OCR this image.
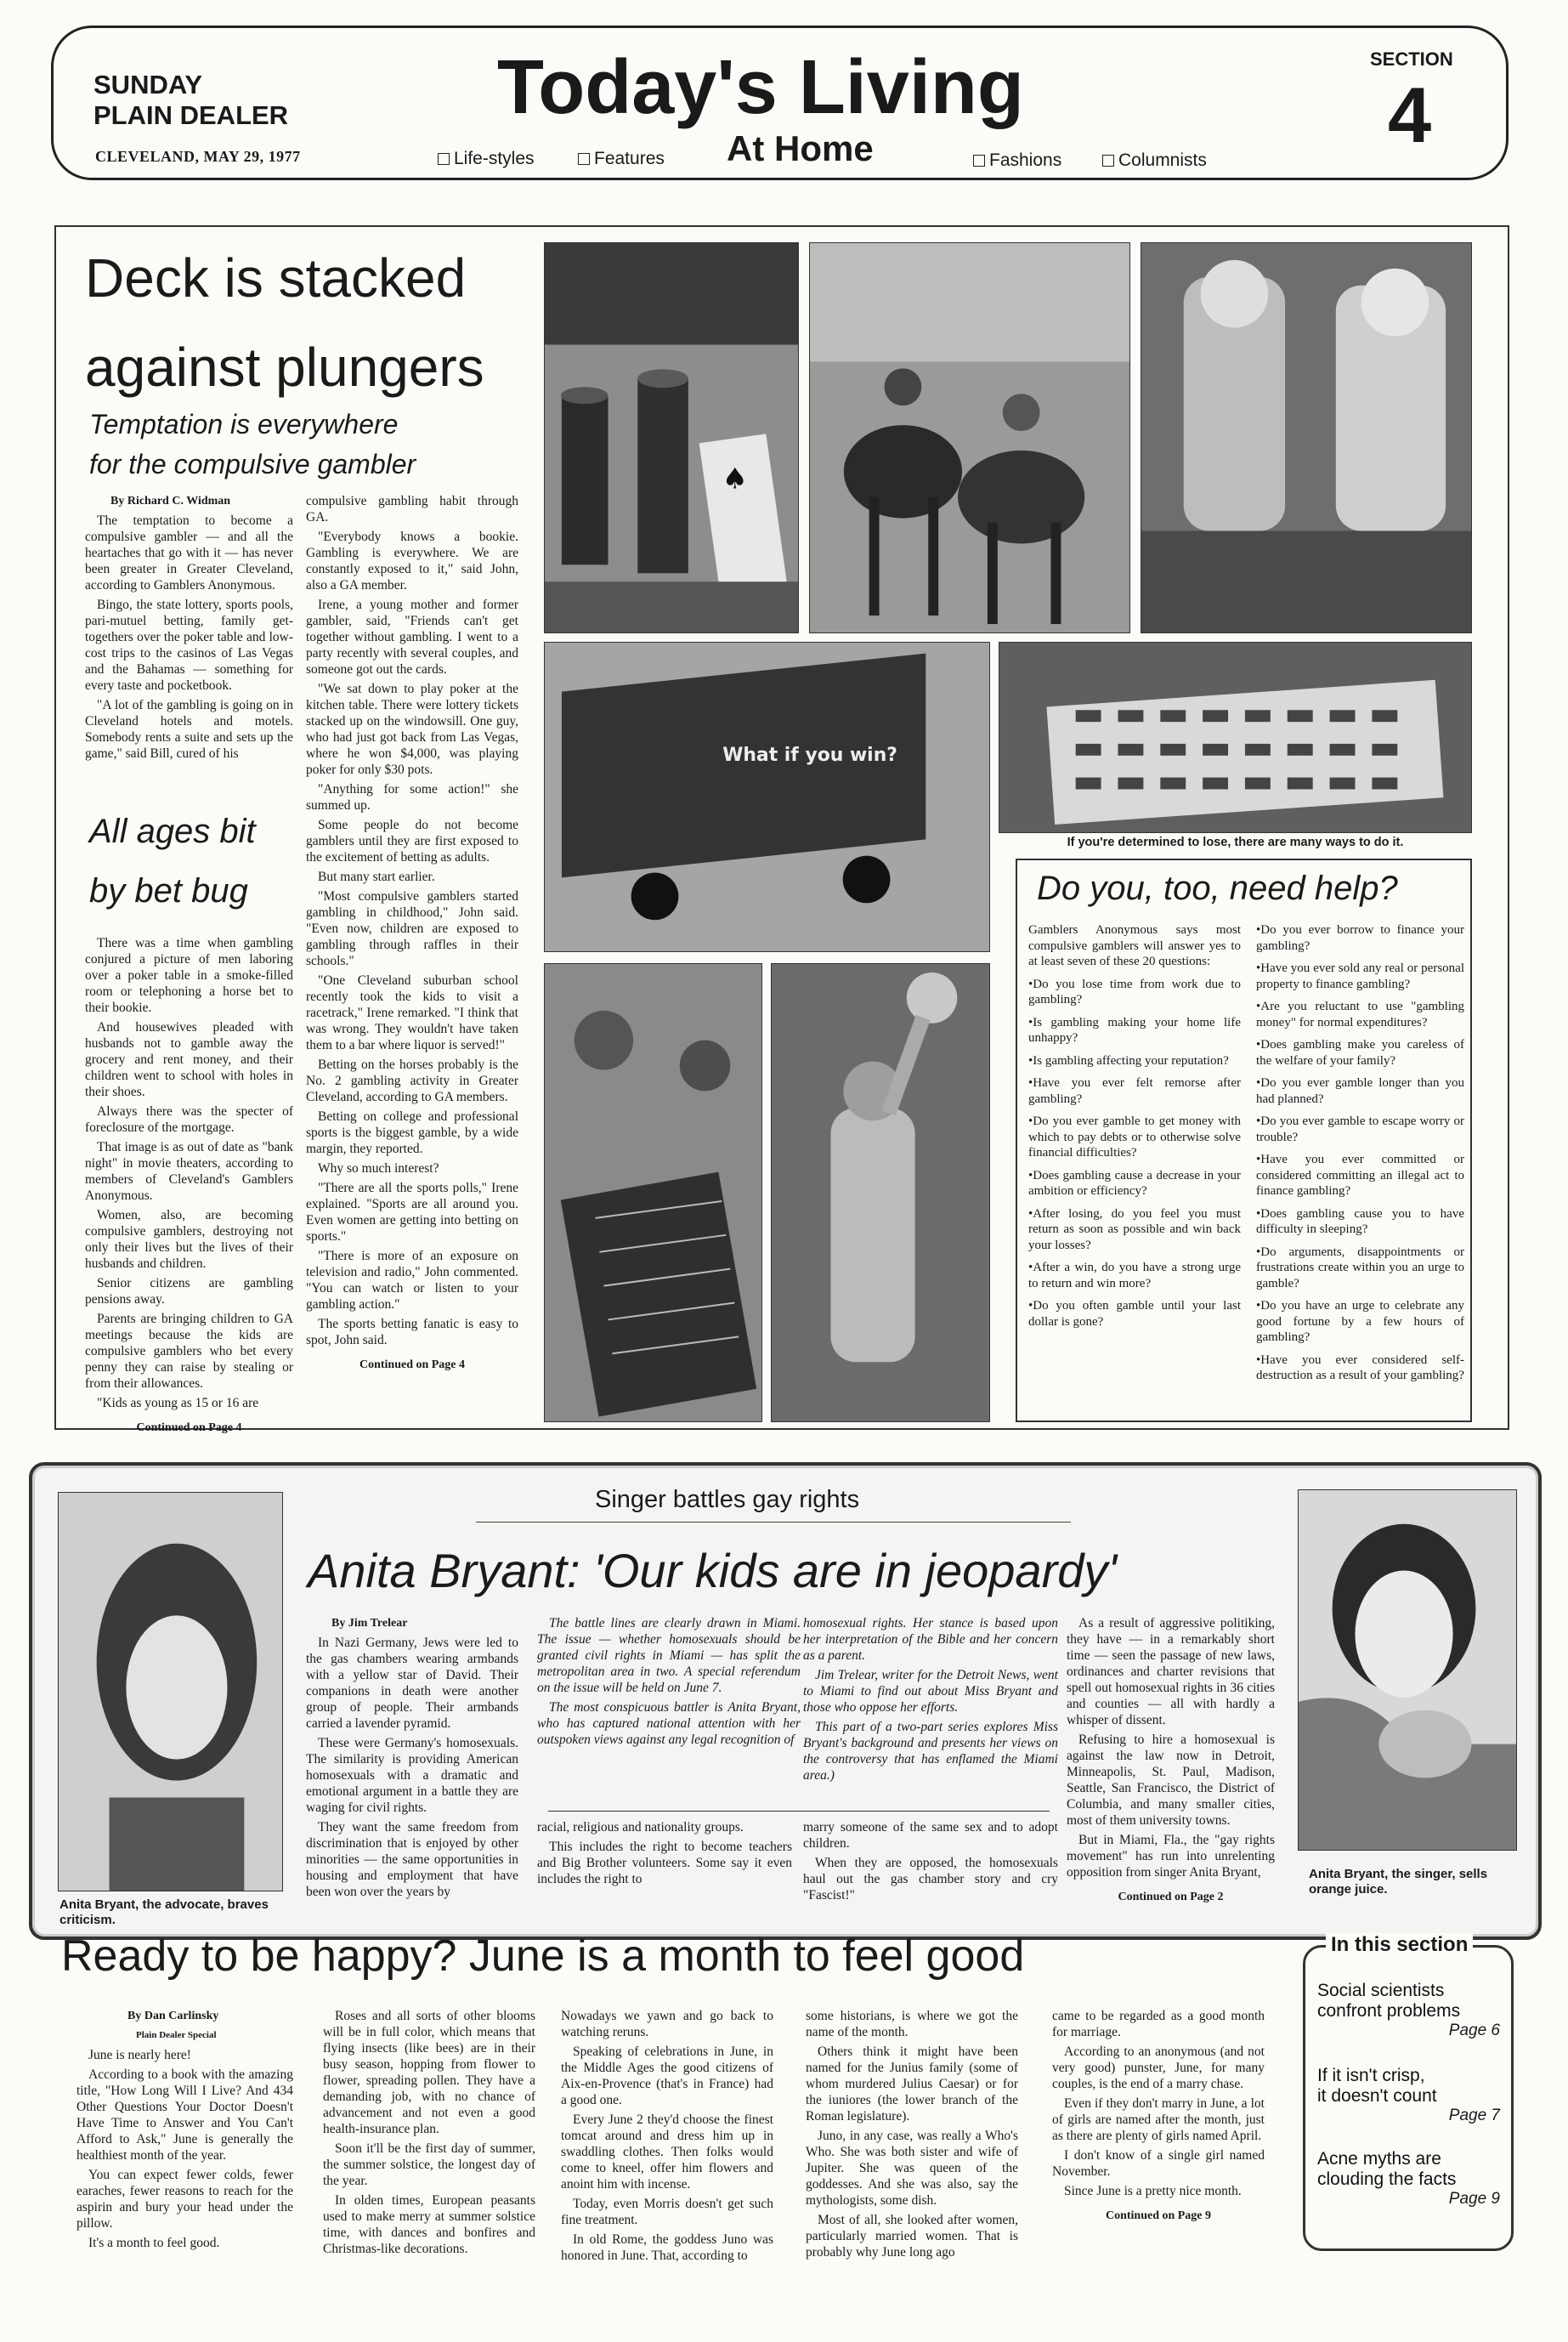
SUNDAY
PLAIN DEALER
CLEVELAND, MAY 29, 1977
Today's Living
At Home
Life-styles	Features	Fashions	Columnists
SECTION
4
Deck is stacked
against plungers
Temptation is everywhere
for the compulsive gambler

By Richard C. Widman

The temptation to become a compulsive gambler — and all the heartaches that go with it — has never been greater in Greater Cleveland, according to Gamblers Anonymous.

Bingo, the state lottery, sports pools, pari-mutuel betting, family get-togethers over the poker table and low-cost trips to the casinos of Las Vegas and the Bahamas — something for every taste and pocketbook.

"A lot of the gambling is going on in Cleveland hotels and motels. Somebody rents a suite and sets up the game," said Bill, cured of his

All ages bit
by bet bug

There was a time when gambling conjured a picture of men laboring over a poker table in a smoke-filled room or telephoning a horse bet to their bookie.

And housewives pleaded with husbands not to gamble away the grocery and rent money, and their children went to school with holes in their shoes.

Always there was the specter of foreclosure of the mortgage.

That image is as out of date as "bank night" in movie theaters, according to members of Cleveland's Gamblers Anonymous.

Women, also, are becoming compulsive gamblers, destroying not only their lives but the lives of their husbands and children.

Senior citizens are gambling pensions away.

Parents are bringing children to GA meetings because the kids are compulsive gamblers who bet every penny they can raise by stealing or from their allowances.

"Kids as young as 15 or 16 are

Continued on Page 4

compulsive gambling habit through GA.

"Everybody knows a bookie. Gambling is everywhere. We are constantly exposed to it," said John, also a GA member.

Irene, a young mother and former gambler, said, "Friends can't get together without gambling. I went to a party recently with several couples, and someone got out the cards.

"We sat down to play poker at the kitchen table. There were lottery tickets stacked up on the windowsill. One guy, who had just got back from Las Vegas, where he won $4,000, was playing poker for only $30 pots.

"Anything for some action!" she summed up.

Some people do not become gamblers until they are first exposed to the excitement of betting as adults.

But many start earlier.

"Most compulsive gamblers started gambling in childhood," John said. "Even now, children are exposed to gambling through raffles in their schools."

"One Cleveland suburban school recently took the kids to visit a racetrack," Irene remarked. "I think that was wrong. They wouldn't have taken them to a bar where liquor is served!"

Betting on the horses probably is the No. 2 gambling activity in Greater Cleveland, according to GA members.

Betting on college and professional sports is the biggest gamble, by a wide margin, they reported.

Why so much interest?

"There are all the sports polls," Irene explained. "Sports are all around you. Even women are getting into betting on sports."

"There is more of an exposure on television and radio," John commented. "You can watch or listen to your gambling action."

The sports betting fanatic is easy to spot, John said.

Continued on Page 4

♠
What if you win?
If you're determined to lose, there are many ways to do it.
Do you, too, need help?

Gamblers Anonymous says most compulsive gamblers will answer yes to at least seven of these 20 questions:

•Do you lose time from work due to gambling?

•Is gambling making your home life unhappy?

•Is gambling affecting your reputation?

•Have you ever felt remorse after gambling?

•Do you ever gamble to get money with which to pay debts or to otherwise solve financial difficulties?

•Does gambling cause a decrease in your ambition or efficiency?

•After losing, do you feel you must return as soon as possible and win back your losses?

•After a win, do you have a strong urge to return and win more?

•Do you often gamble until your last dollar is gone?

•Do you ever borrow to finance your gambling?

•Have you ever sold any real or personal property to finance gambling?

•Are you reluctant to use "gambling money" for normal expenditures?

•Does gambling make you careless of the welfare of your family?

•Do you ever gamble longer than you had planned?

•Do you ever gamble to escape worry or trouble?

•Have you ever committed or considered committing an illegal act to finance gambling?

•Does gambling cause you to have difficulty in sleeping?

•Do arguments, disappointments or frustrations create within you an urge to gamble?

•Do you have an urge to celebrate any good fortune by a few hours of gambling?

•Have you ever considered self-destruction as a result of your gambling?

Singer battles gay rights
Anita Bryant: 'Our kids are in jeopardy'
Anita Bryant, the advocate, braves criticism.

By Jim Trelear

In Nazi Germany, Jews were led to the gas chambers wearing armbands with a yellow star of David. Their companions in death were another group of people. Their armbands carried a lavender pyramid.

These were Germany's homosexuals. The similarity is providing American homosexuals with a dramatic and emotional argument in a battle they are waging for civil rights.

They want the same freedom from discrimination that is enjoyed by other minorities — the same opportunities in housing and employment that have been won over the years by

The battle lines are clearly drawn in Miami. The issue — whether homosexuals should be granted civil rights in Miami — has split the metropolitan area in two. A special referendum on the issue will be held on June 7.

The most conspicuous battler is Anita Bryant, who has captured national attention with her outspoken views against any legal recognition of

homosexual rights. Her stance is based upon her interpretation of the Bible and her concern as a parent.

Jim Trelear, writer for the Detroit News, went to Miami to find out about Miss Bryant and those who oppose her efforts.

This part of a two-part series explores Miss Bryant's background and presents her views on the controversy that has enflamed the Miami area.)

racial, religious and nationality groups.

This includes the right to become teachers and Big Brother volunteers. Some say it even includes the right to

marry someone of the same sex and to adopt children.

When they are opposed, the homosexuals haul out the gas chamber story and cry "Fascist!"

As a result of aggressive politiking, they have — in a remarkably short time — seen the passage of new laws, ordinances and charter revisions that spell out homosexual rights in 36 cities and counties — all with hardly a whisper of dissent.

Refusing to hire a homosexual is against the law now in Detroit, Minneapolis, St. Paul, Madison, Seattle, San Francisco, the District of Columbia, and many smaller cities, most of them university towns.

But in Miami, Fla., the "gay rights movement" has run into unrelenting opposition from singer Anita Bryant,

Continued on Page 2

Anita Bryant, the singer, sells orange juice.
Ready to be happy? June is a month to feel good

By Dan Carlinsky

Plain Dealer Special

June is nearly here!

According to a book with the amazing title, "How Long Will I Live? And 434 Other Questions Your Doctor Doesn't Have Time to Answer and You Can't Afford to Ask," June is generally the healthiest month of the year.

You can expect fewer colds, fewer earaches, fewer reasons to reach for the aspirin and bury your head under the pillow.

It's a month to feel good.

Roses and all sorts of other blooms will be in full color, which means that flying insects (like bees) are in their busy season, hopping from flower to flower, spreading pollen. They have a demanding job, with no chance of advancement and not even a good health-insurance plan.

Soon it'll be the first day of summer, the summer solstice, the longest day of the year.

In olden times, European peasants used to make merry at summer solstice time, with dances and bonfires and Christmas-like decorations.

Nowadays we yawn and go back to watching reruns.

Speaking of celebrations in June, in the Middle Ages the good citizens of Aix-en-Provence (that's in France) had a good one.

Every June 2 they'd choose the finest tomcat around and dress him up in swaddling clothes. Then folks would come to kneel, offer him flowers and anoint him with incense.

Today, even Morris doesn't get such fine treatment.

In old Rome, the goddess Juno was honored in June. That, according to

some historians, is where we got the name of the month.

Others think it might have been named for the Junius family (some of whom murdered Julius Caesar) or for the iuniores (the lower branch of the Roman legislature).

Juno, in any case, was really a Who's Who. She was both sister and wife of Jupiter. She was queen of the goddesses. And she was also, say the mythologists, some dish.

Most of all, she looked after women, particularly married women. That is probably why June long ago

came to be regarded as a good month for marriage.

According to an anonymous (and not very good) punster, June, for many couples, is the end of a marry chase.

Even if they don't marry in June, a lot of girls are named after the month, just as there are plenty of girls named April.

I don't know of a single girl named November.

Since June is a pretty nice month.

Continued on Page 9

In this section
Social scientists
confront problems
Page 6
If it isn't crisp,
it doesn't count
Page 7
Acne myths are
clouding the facts
Page 9
